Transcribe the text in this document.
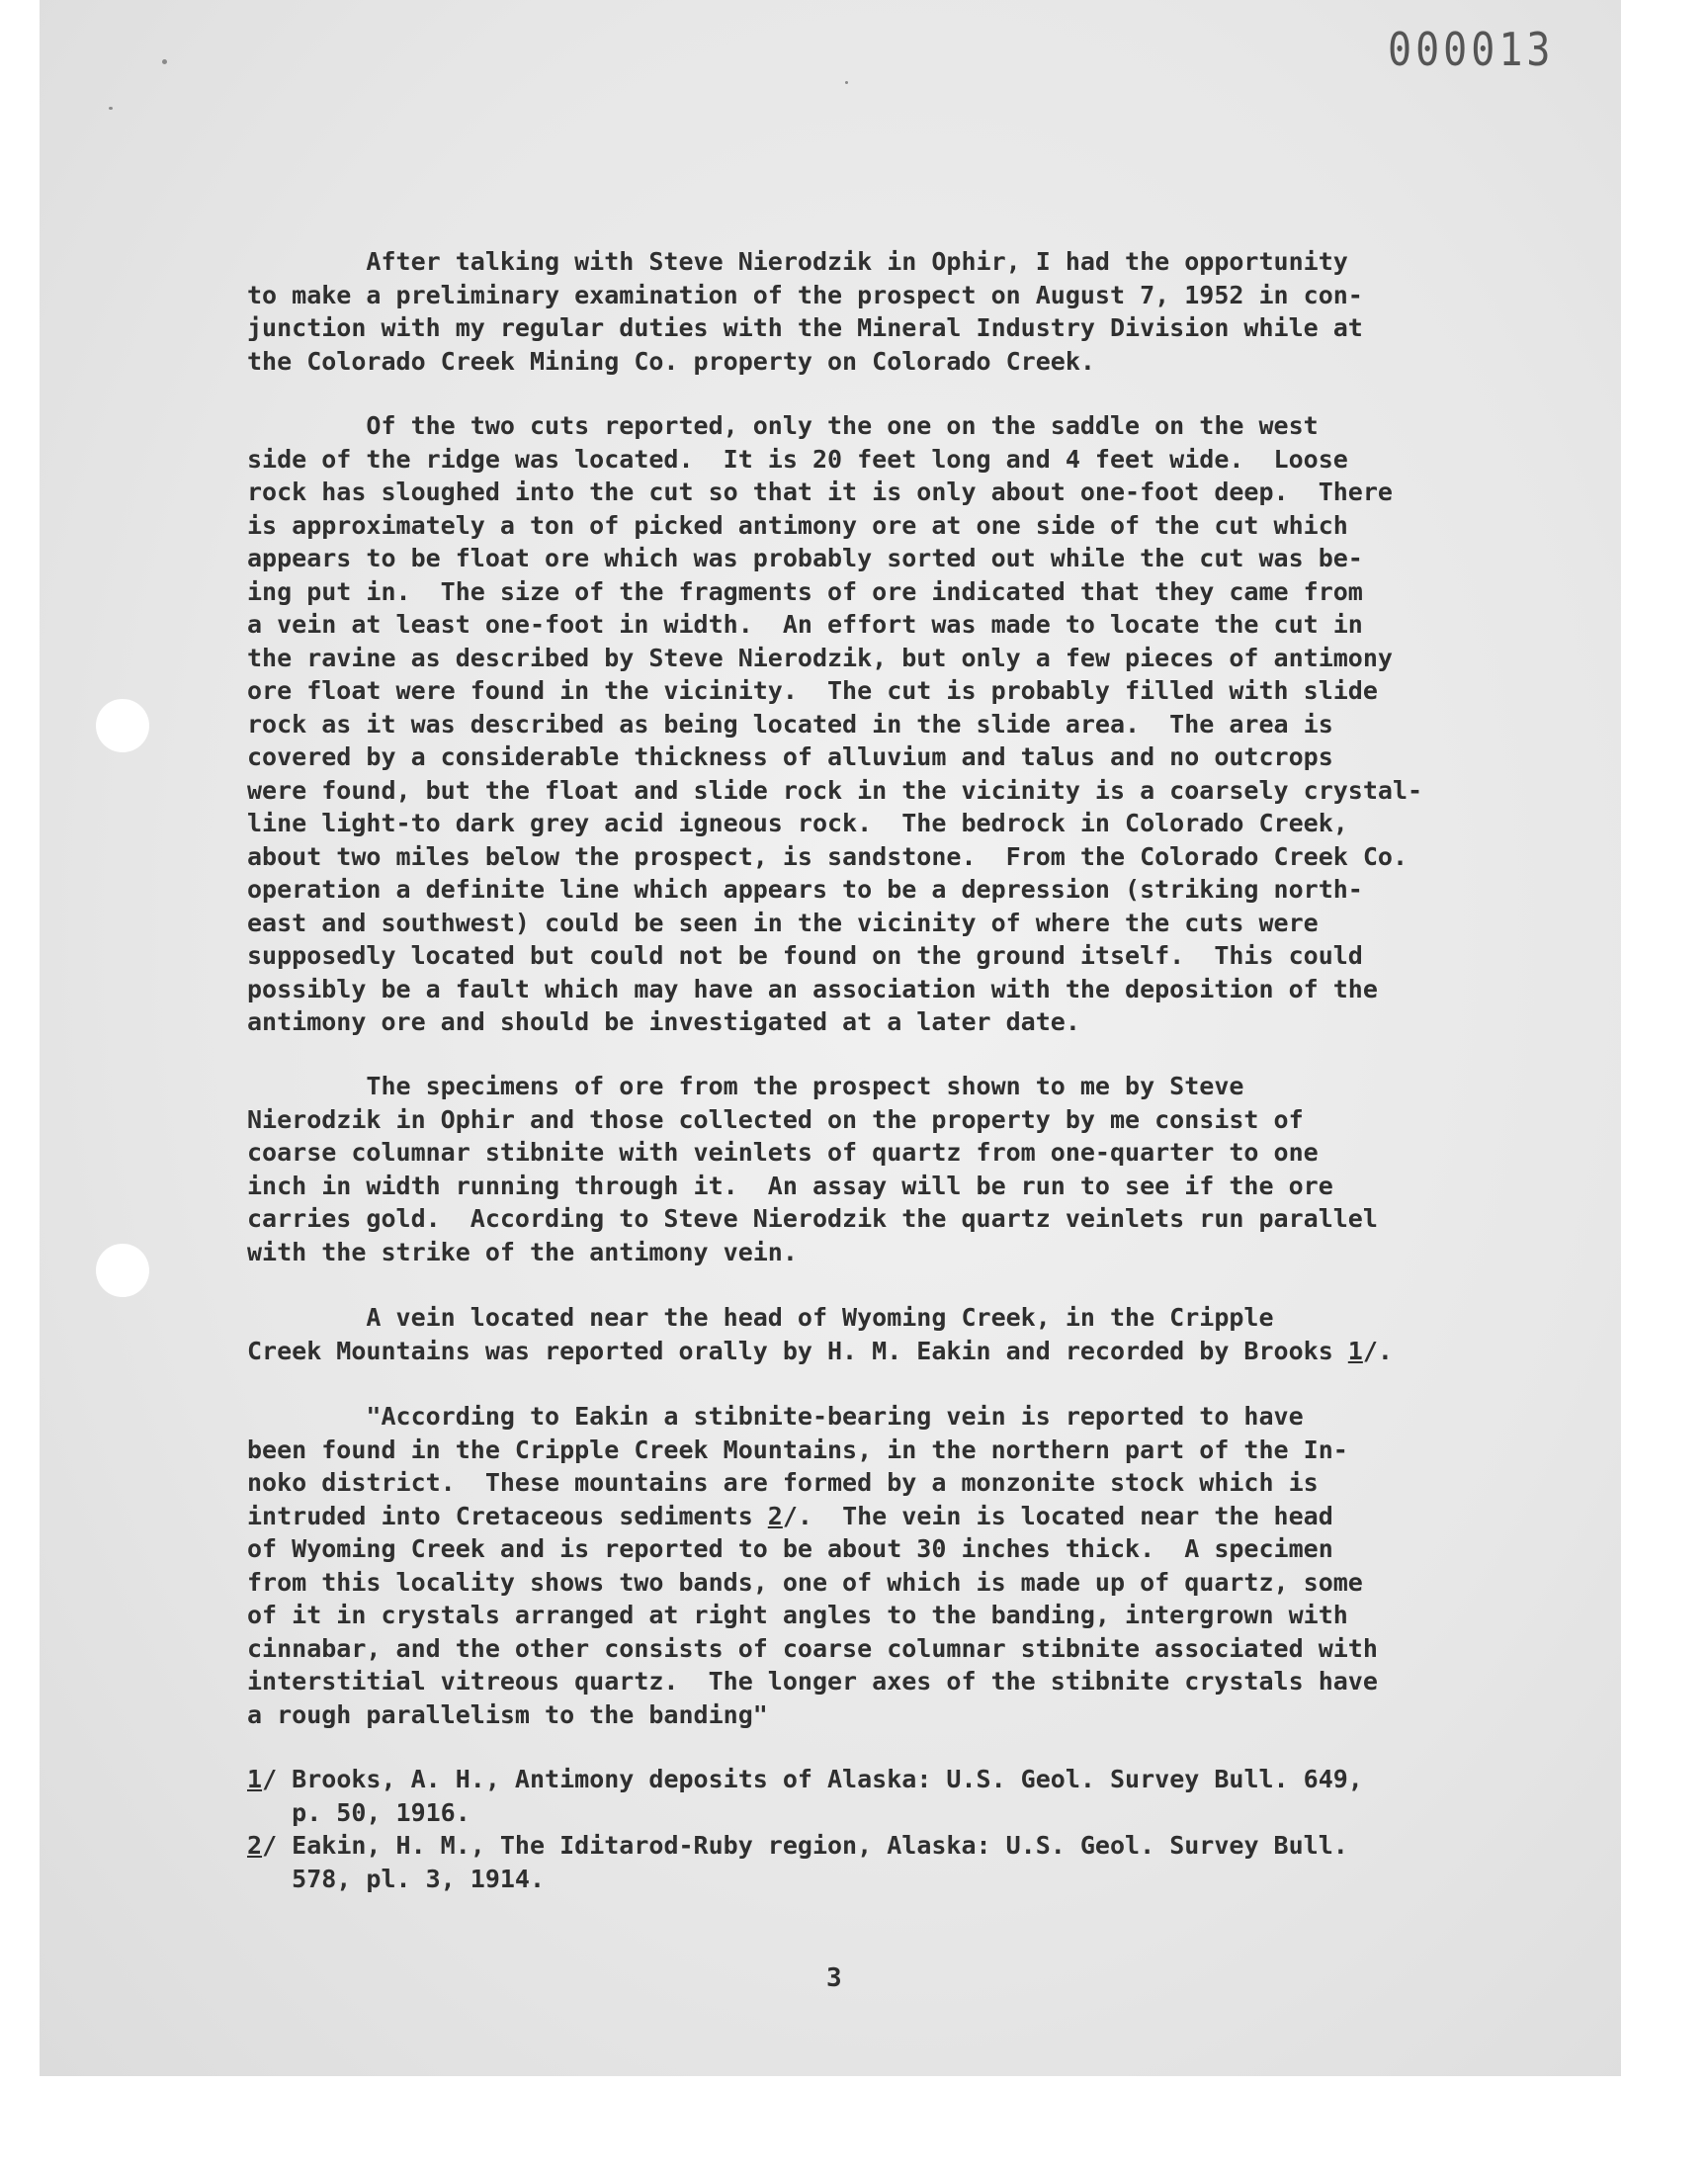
000013
After talking with Steve Nierodzik in Ophir, I had the opportunity
to make a preliminary examination of the prospect on August 7, 1952 in con-
junction with my regular duties with the Mineral Industry Division while at
the Colorado Creek Mining Co. property on Colorado Creek.
Of the two cuts reported, only the one on the saddle on the west
side of the ridge was located.  It is 20 feet long and 4 feet wide.  Loose
rock has sloughed into the cut so that it is only about one-foot deep.  There
is approximately a ton of picked antimony ore at one side of the cut which
appears to be float ore which was probably sorted out while the cut was be-
ing put in.  The size of the fragments of ore indicated that they came from
a vein at least one-foot in width.  An effort was made to locate the cut in
the ravine as described by Steve Nierodzik, but only a few pieces of antimony
ore float were found in the vicinity.  The cut is probably filled with slide
rock as it was described as being located in the slide area.  The area is
covered by a considerable thickness of alluvium and talus and no outcrops
were found, but the float and slide rock in the vicinity is a coarsely crystal-
line light-to dark grey acid igneous rock.  The bedrock in Colorado Creek,
about two miles below the prospect, is sandstone.  From the Colorado Creek Co.
operation a definite line which appears to be a depression (striking north-
east and southwest) could be seen in the vicinity of where the cuts were
supposedly located but could not be found on the ground itself.  This could
possibly be a fault which may have an association with the deposition of the
antimony ore and should be investigated at a later date.
The specimens of ore from the prospect shown to me by Steve
Nierodzik in Ophir and those collected on the property by me consist of
coarse columnar stibnite with veinlets of quartz from one-quarter to one
inch in width running through it.  An assay will be run to see if the ore
carries gold.  According to Steve Nierodzik the quartz veinlets run parallel
with the strike of the antimony vein.
A vein located near the head of Wyoming Creek, in the Cripple
Creek Mountains was reported orally by H. M. Eakin and recorded by Brooks 1/.
"According to Eakin a stibnite-bearing vein is reported to have
been found in the Cripple Creek Mountains, in the northern part of the In-
noko district.  These mountains are formed by a monzonite stock which is
intruded into Cretaceous sediments 2/.  The vein is located near the head
of Wyoming Creek and is reported to be about 30 inches thick.  A specimen
from this locality shows two bands, one of which is made up of quartz, some
of it in crystals arranged at right angles to the banding, intergrown with
cinnabar, and the other consists of coarse columnar stibnite associated with
interstitial vitreous quartz.  The longer axes of the stibnite crystals have
a rough parallelism to the banding"
1/ Brooks, A. H., Antimony deposits of Alaska: U.S. Geol. Survey Bull. 649,
p. 50, 1916.
2/ Eakin, H. M., The Iditarod-Ruby region, Alaska: U.S. Geol. Survey Bull.
578, pl. 3, 1914.
3
